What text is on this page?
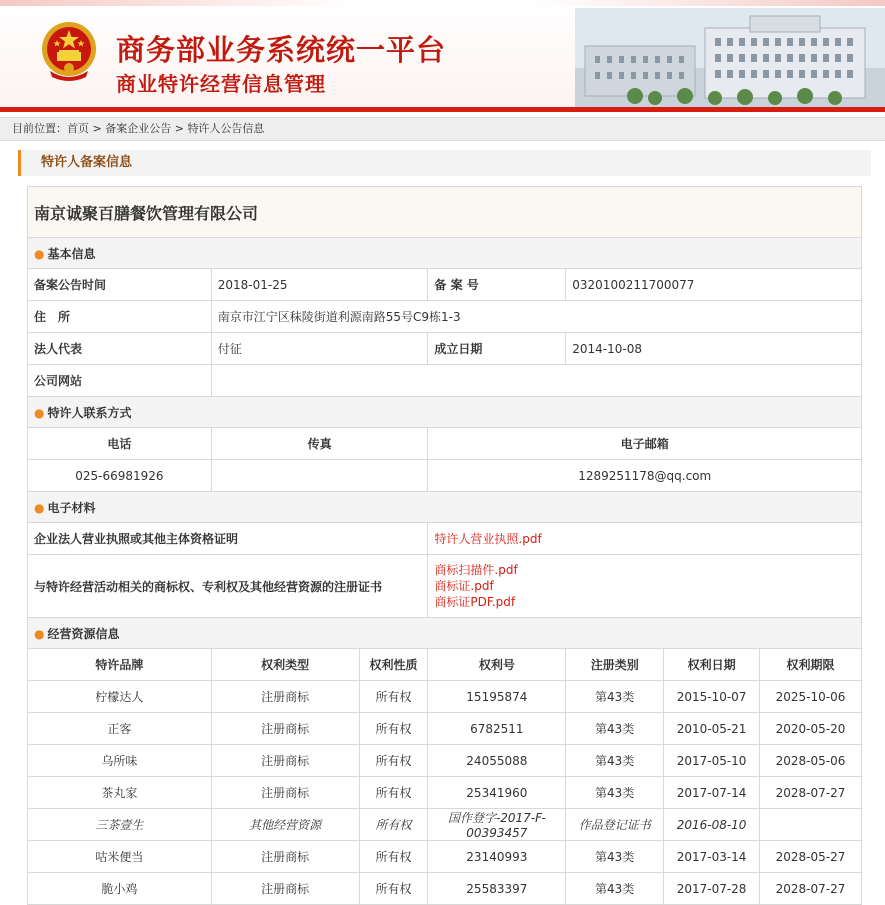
商务部业务系统统一平台
商业特许经营信息管理
目前位置：首页 > 备案企业公告 > 特许人公告信息
特许人备案信息
南京诚聚百膳餐饮管理有限公司						
● 基本信息						
备案公告时间	2018-01-25		备 案 号	0320100211700077		
住　所	南京市江宁区秣陵街道利源南路55号C9栋1-3					
法人代表	付征		成立日期	2014-10-08		
公司网站						
● 特许人联系方式						
电话	传真		电子邮箱			
025-66981926			1289251178@qq.com			
● 电子材料						
企业法人营业执照或其他主体资格证明			特许人营业执照.pdf			

与特许经营活动相关的商标权、专利权及其他经营资源的注册证书			商标扫描件.pdf
商标证.pdf
商标证PDF.pdf			

● 经营资源信息						
特许品牌	权利类型	权利性质	权利号	注册类别	权利日期	权利期限
柠檬达人	注册商标	所有权	15195874	第43类	2015-10-07	2025-10-06
正客	注册商标	所有权	6782511	第43类	2010-05-21	2020-05-20
乌所味	注册商标	所有权	24055088	第43类	2017-05-10	2028-05-06
茶丸家	注册商标	所有权	25341960	第43类	2017-07-14	2028-07-27
三茶壹生	其他经营资源	所有权	国作登字-2017-F-00393457	作品登记证书	2016-08-10	
咕米便当	注册商标	所有权	23140993	第43类	2017-03-14	2028-05-27
脆小鸡	注册商标	所有权	25583397	第43类	2017-07-28	2028-07-27
